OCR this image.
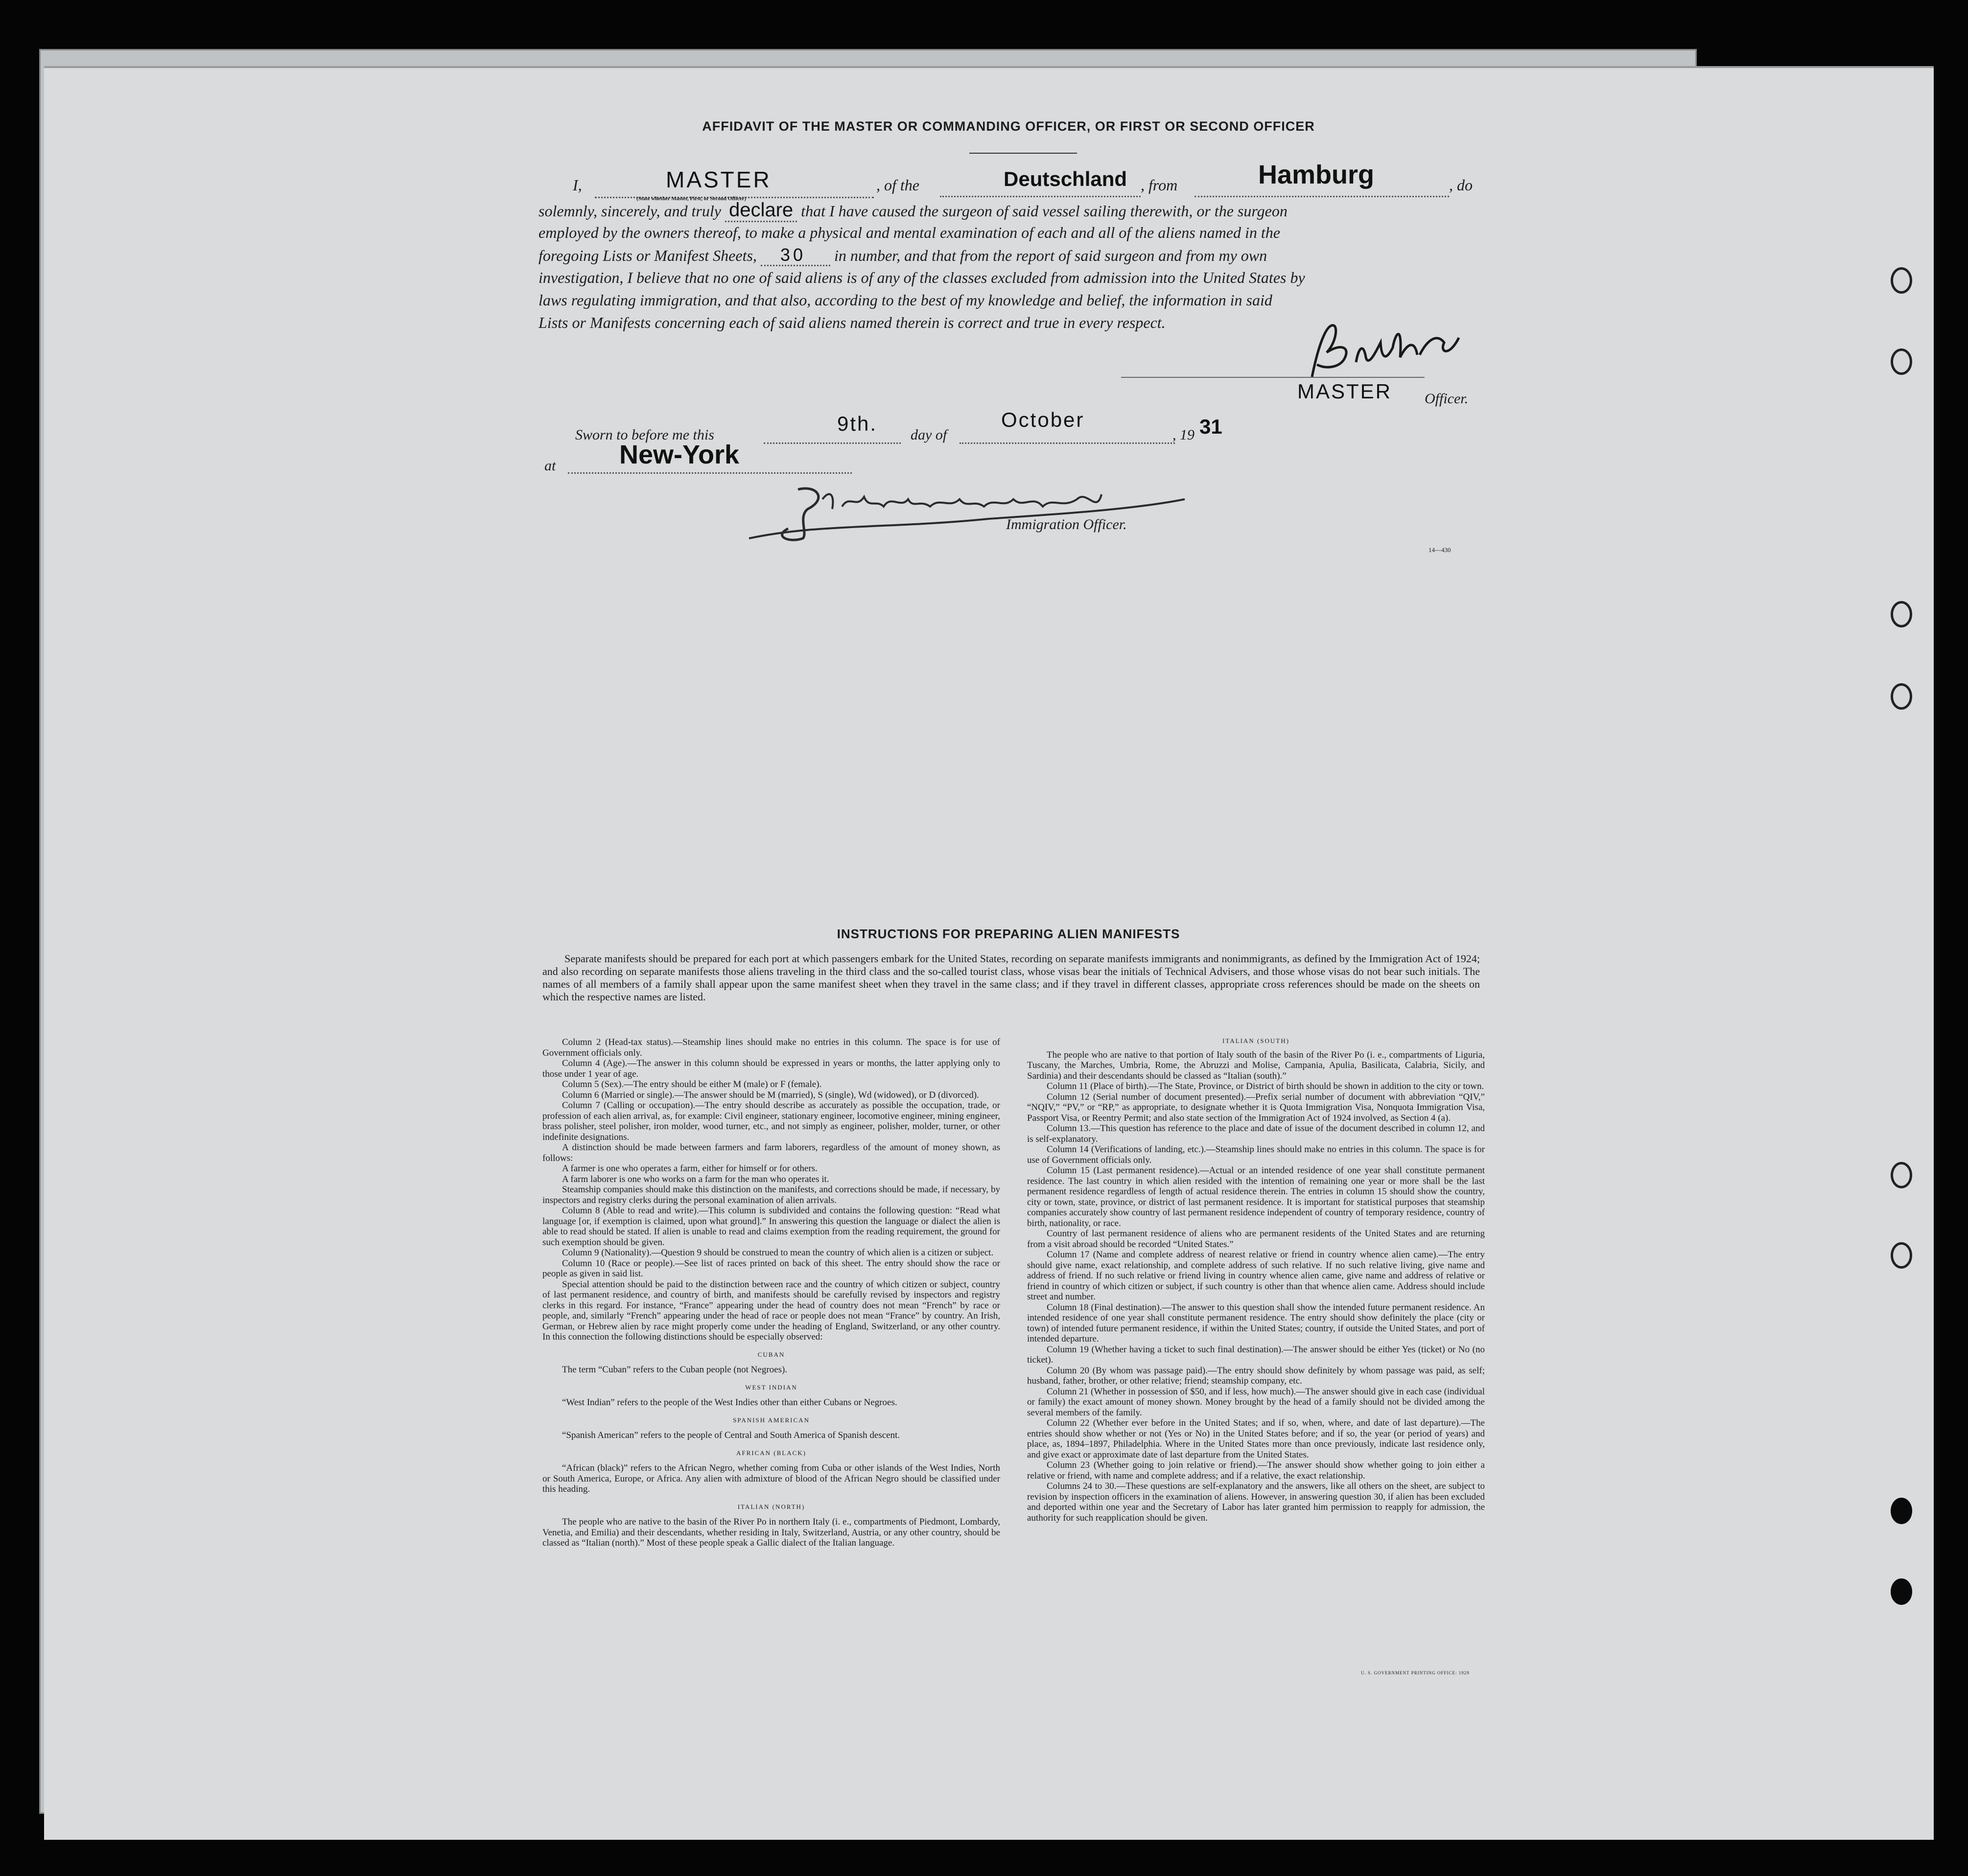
AFFIDAVIT OF THE MASTER OR COMMANDING OFFICER, OR FIRST OR SECOND OFFICER
I,	MASTER
(State whether Master, First, or Second Officer)
, of the	Deutschland , from	Hamburg	, do
solemnly, sincerely, and truly declare that I have caused the surgeon of said vessel sailing therewith, or the surgeon
employed by the owners thereof, to make a physical and mental examination of each and all of the aliens named in the
foregoing Lists or Manifest Sheets, 30 in number, and that from the report of said surgeon and from my own
investigation, I believe that no one of said aliens is of any of the classes excluded from admission into the United States by
laws regulating immigration, and that also, according to the best of my knowledge and belief, the information in said
Lists or Manifests concerning each of said aliens named therein is correct and true in every respect.
MASTER Officer.
Sworn to before me this	9th. day of
October
, 19 31
at New-York
Immigration Officer.
14—430
INSTRUCTIONS FOR PREPARING ALIEN MANIFESTS

Separate manifests should be prepared for each port at which passengers embark for the United States, recording on separate manifests immigrants and nonimmigrants, as defined by the Immigration Act of 1924; and also recording on separate manifests those aliens traveling in the third class and the so-called tourist class, whose visas bear the initials of Technical Advisers, and those whose visas do not bear such initials. The names of all members of a family shall appear upon the same manifest sheet when they travel in the same class; and if they travel in different classes, appropriate cross references should be made on the sheets on which the respective names are listed.

Column 2 (Head-tax status).—Steamship lines should make no entries in this column. The space is for use of Government officials only.

Column 4 (Age).—The answer in this column should be expressed in years or months, the latter applying only to those under 1 year of age.

Column 5 (Sex).—The entry should be either M (male) or F (female).

Column 6 (Married or single).—The answer should be M (married), S (single), Wd (widowed), or D (divorced).

Column 7 (Calling or occupation).—The entry should describe as accurately as possible the occupation, trade, or profession of each alien arrival, as, for example: Civil engineer, stationary engineer, locomotive engineer, mining engineer, brass polisher, steel polisher, iron molder, wood turner, etc., and not simply as engineer, polisher, molder, turner, or other indefinite designations.

A distinction should be made between farmers and farm laborers, regardless of the amount of money shown, as follows:

A farmer is one who operates a farm, either for himself or for others.

A farm laborer is one who works on a farm for the man who operates it.

Steamship companies should make this distinction on the manifests, and corrections should be made, if necessary, by inspectors and registry clerks during the personal examination of alien arrivals.

Column 8 (Able to read and write).—This column is subdivided and contains the following question: “Read what language [or, if exemption is claimed, upon what ground].” In answering this question the language or dialect the alien is able to read should be stated. If alien is unable to read and claims exemption from the reading requirement, the ground for such exemption should be given.

Column 9 (Nationality).—Question 9 should be construed to mean the country of which alien is a citizen or subject.

Column 10 (Race or people).—See list of races printed on back of this sheet. The entry should show the race or people as given in said list.

Special attention should be paid to the distinction between race and the country of which citizen or subject, country of last permanent residence, and country of birth, and manifests should be carefully revised by inspectors and registry clerks in this regard. For instance, “France” appearing under the head of country does not mean “French” by race or people, and, similarly “French” appearing under the head of race or people does not mean “France” by country. An Irish, German, or Hebrew alien by race might properly come under the heading of England, Switzerland, or any other country. In this connection the following distinctions should be especially observed:

CUBAN

The term “Cuban” refers to the Cuban people (not Negroes).

WEST INDIAN

“West Indian” refers to the people of the West Indies other than either Cubans or Negroes.

SPANISH AMERICAN

“Spanish American” refers to the people of Central and South America of Spanish descent.

AFRICAN (BLACK)

“African (black)” refers to the African Negro, whether coming from Cuba or other islands of the West Indies, North or South America, Europe, or Africa. Any alien with admixture of blood of the African Negro should be classified under this heading.

ITALIAN (NORTH)

The people who are native to the basin of the River Po in northern Italy (i. e., compartments of Piedmont, Lombardy, Venetia, and Emilia) and their descendants, whether residing in Italy, Switzerland, Austria, or any other country, should be classed as “Italian (north).” Most of these people speak a Gallic dialect of the Italian language.

ITALIAN (SOUTH)

The people who are native to that portion of Italy south of the basin of the River Po (i. e., compartments of Liguria, Tuscany, the Marches, Umbria, Rome, the Abruzzi and Molise, Campania, Apulia, Basilicata, Calabria, Sicily, and Sardinia) and their descendants should be classed as “Italian (south).”

Column 11 (Place of birth).—The State, Province, or District of birth should be shown in addition to the city or town.

Column 12 (Serial number of document presented).—Prefix serial number of document with abbreviation “QIV,” “NQIV,” “PV,” or “RP,” as appropriate, to designate whether it is Quota Immigration Visa, Nonquota Immigration Visa, Passport Visa, or Reentry Permit; and also state section of the Immigration Act of 1924 involved, as Section 4 (a).

Column 13.—This question has reference to the place and date of issue of the document described in column 12, and is self-explanatory.

Column 14 (Verifications of landing, etc.).—Steamship lines should make no entries in this column. The space is for use of Government officials only.

Column 15 (Last permanent residence).—Actual or an intended residence of one year shall constitute permanent residence. The last country in which alien resided with the intention of remaining one year or more shall be the last permanent residence regardless of length of actual residence therein. The entries in column 15 should show the country, city or town, state, province, or district of last permanent residence. It is important for statistical purposes that steamship companies accurately show country of last permanent residence independent of country of temporary residence, country of birth, nationality, or race.

Country of last permanent residence of aliens who are permanent residents of the United States and are returning from a visit abroad should be recorded “United States.”

Column 17 (Name and complete address of nearest relative or friend in country whence alien came).—The entry should give name, exact relationship, and complete address of such relative. If no such relative living, give name and address of friend. If no such relative or friend living in country whence alien came, give name and address of relative or friend in country of which citizen or subject, if such country is other than that whence alien came. Address should include street and number.

Column 18 (Final destination).—The answer to this question shall show the intended future permanent residence. An intended residence of one year shall constitute permanent residence. The entry should show definitely the place (city or town) of intended future permanent residence, if within the United States; country, if outside the United States, and port of intended departure.

Column 19 (Whether having a ticket to such final destination).—The answer should be either Yes (ticket) or No (no ticket).

Column 20 (By whom was passage paid).—The entry should show definitely by whom passage was paid, as self; husband, father, brother, or other relative; friend; steamship company, etc.

Column 21 (Whether in possession of $50, and if less, how much).—The answer should give in each case (individual or family) the exact amount of money shown. Money brought by the head of a family should not be divided among the several members of the family.

Column 22 (Whether ever before in the United States; and if so, when, where, and date of last departure).—The entries should show whether or not (Yes or No) in the United States before; and if so, the year (or period of years) and place, as, 1894–1897, Philadelphia. Where in the United States more than once previously, indicate last residence only, and give exact or approximate date of last departure from the United States.

Column 23 (Whether going to join relative or friend).—The answer should show whether going to join either a relative or friend, with name and complete address; and if a relative, the exact relationship.

Columns 24 to 30.—These questions are self-explanatory and the answers, like all others on the sheet, are subject to revision by inspection officers in the examination of aliens. However, in answering question 30, if alien has been excluded and deported within one year and the Secretary of Labor has later granted him permission to reapply for admission, the authority for such reapplication should be given.

U. S. GOVERNMENT PRINTING OFFICE: 1929
